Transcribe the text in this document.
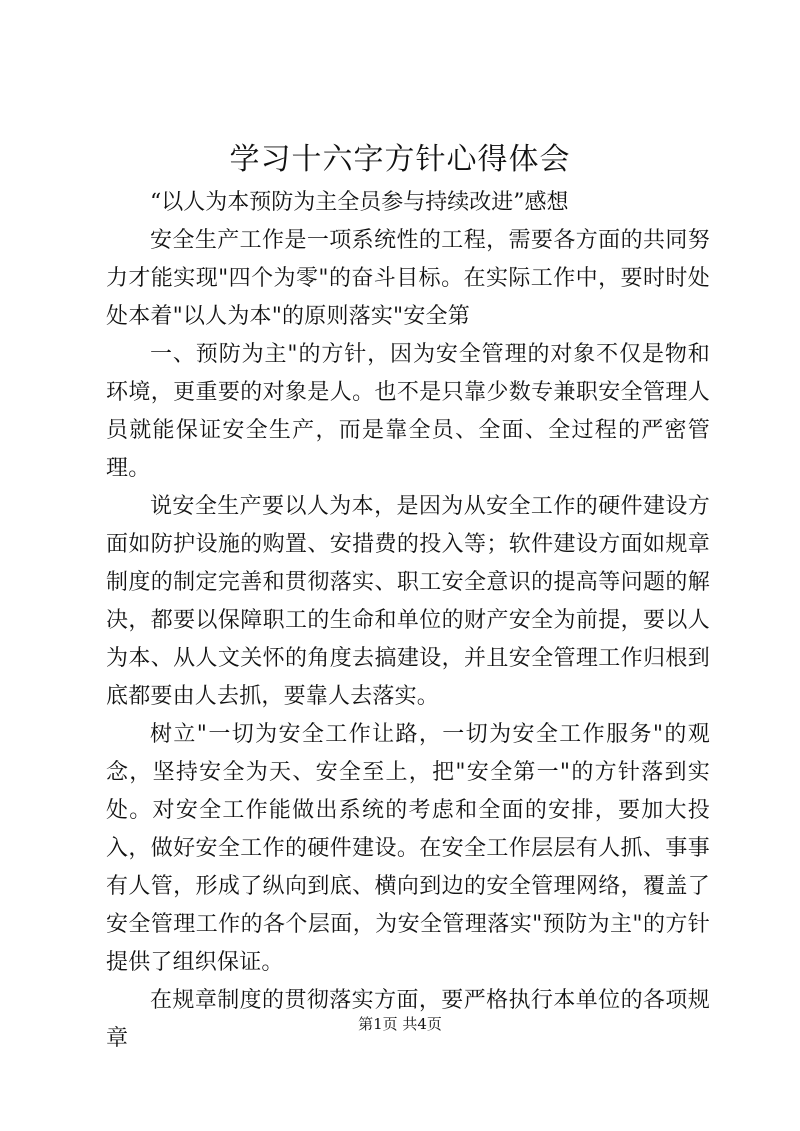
学习十六字方针心得体会

“以人为本预防为主全员参与持续改进”感想

安全生产工作是一项系统性的工程，需要各方面的共同努力才能实现"四个为零"的奋斗目标。在实际工作中，要时时处处本着"以人为本"的原则落实"安全第

一、预防为主"的方针，因为安全管理的对象不仅是物和环境，更重要的对象是人。也不是只靠少数专兼职安全管理人员就能保证安全生产，而是靠全员、全面、全过程的严密管理。

说安全生产要以人为本，是因为从安全工作的硬件建设方面如防护设施的购置、安措费的投入等；软件建设方面如规章制度的制定完善和贯彻落实、职工安全意识的提高等问题的解决，都要以保障职工的生命和单位的财产安全为前提，要以人为本、从人文关怀的角度去搞建设，并且安全管理工作归根到底都要由人去抓，要靠人去落实。

树立"一切为安全工作让路，一切为安全工作服务"的观念，坚持安全为天、安全至上，把"安全第一"的方针落到实处。对安全工作能做出系统的考虑和全面的安排，要加大投入，做好安全工作的硬件建设。在安全工作层层有人抓、事事有人管，形成了纵向到底、横向到边的安全管理网络，覆盖了安全管理工作的各个层面，为安全管理落实"预防为主"的方针提供了组织保证。

在规章制度的贯彻落实方面，要严格执行本单位的各项规章

第1页 共4页
